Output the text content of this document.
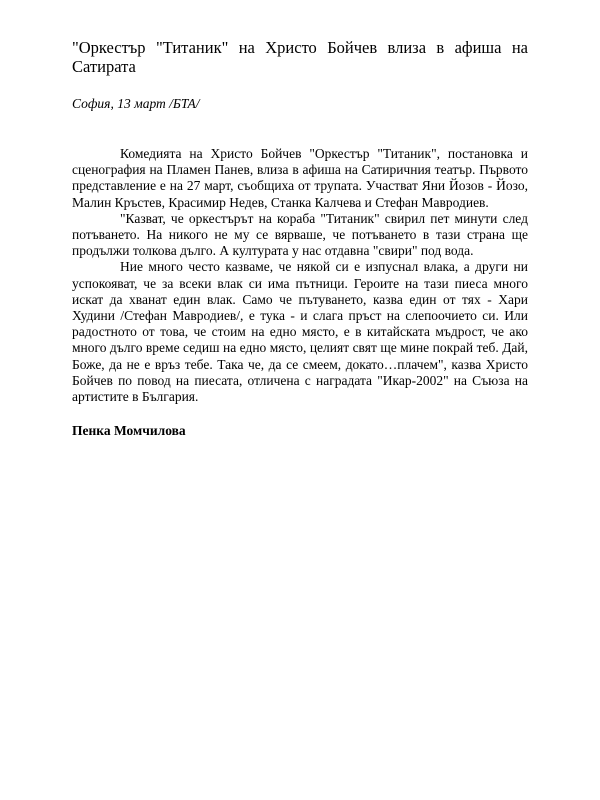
"Оркестър "Титаник" на Христо Бойчев влиза в афиша на Сатирата

София, 13 март /БТА/

Комедията на Христо Бойчев "Оркестър "Титаник", постановка и сценография на Пламен Панев, влиза в афиша на Сатиричния театър. Първото представление е на 27 март, съобщиха от трупата. Участват Яни Йозов - Йозо, Малин Кръстев, Красимир Недев, Станка Калчева и Стефан Мавродиев.

"Казват, че оркестърът на кораба "Титаник" свирил пет минути след потъването. На никого не му се вярваше, че потъването в тази страна ще продължи толкова дълго. А културата у нас отдавна "свири" под вода.

Ние много често казваме, че някой си е изпуснал влака, а други ни успокояват, че за всеки влак си има пътници. Героите на тази пиеса много искат да хванат един влак. Само че пътуването, казва един от тях - Хари Худини /Стефан Мавродиев/, е тука - и слага пръст на слепоочието си. Или радостното от това, че стоим на едно място, е в китайската мъдрост, че ако много дълго време седиш на едно място, целият свят ще мине покрай теб. Дай, Боже, да не е връз тебе. Така че, да се смеем, докато…плачем", казва Христо Бойчев по повод на пиесата, отличена с наградата "Икар-2002" на Съюза на артистите в България.

Пенка Момчилова
